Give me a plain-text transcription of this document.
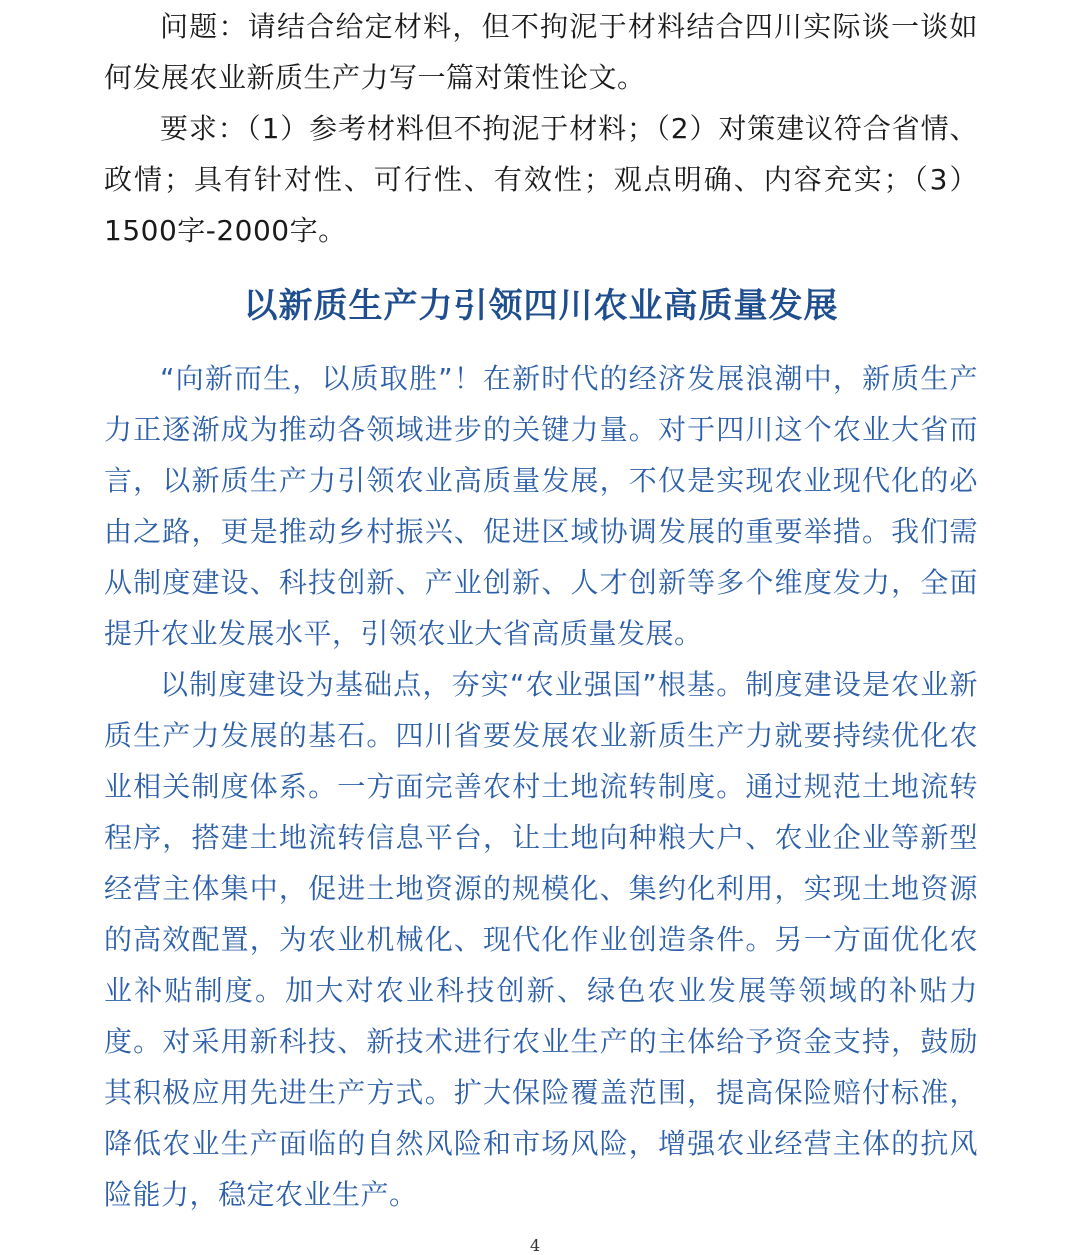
问题：请结合给定材料，但不拘泥于材料结合四川实际谈一谈如何发展农业新质生产力写一篇对策性论文。

要求：（1）参考材料但不拘泥于材料；（2）对策建议符合省情、政情；具有针对性、可行性、有效性；观点明确、内容充实；（3）1500字-2000字。

以新质生产力引领四川农业高质量发展

“向新而生，以质取胜”！在新时代的经济发展浪潮中，新质生产力正逐渐成为推动各领域进步的关键力量。对于四川这个农业大省而言，以新质生产力引领农业高质量发展，不仅是实现农业现代化的必由之路，更是推动乡村振兴、促进区域协调发展的重要举措。我们需从制度建设、科技创新、产业创新、人才创新等多个维度发力，全面提升农业发展水平，引领农业大省高质量发展。

以制度建设为基础点，夯实“农业强国”根基。制度建设是农业新质生产力发展的基石。四川省要发展农业新质生产力就要持续优化农业相关制度体系。一方面完善农村土地流转制度。通过规范土地流转程序，搭建土地流转信息平台，让土地向种粮大户、农业企业等新型经营主体集中，促进土地资源的规模化、集约化利用，实现土地资源的高效配置，为农业机械化、现代化作业创造条件。另一方面优化农业补贴制度。加大对农业科技创新、绿色农业发展等领域的补贴力度。对采用新科技、新技术进行农业生产的主体给予资金支持，鼓励其积极应用先进生产方式。扩大保险覆盖范围，提高保险赔付标准，降低农业生产面临的自然风险和市场风险，增强农业经营主体的抗风险能力，稳定农业生产。

4
